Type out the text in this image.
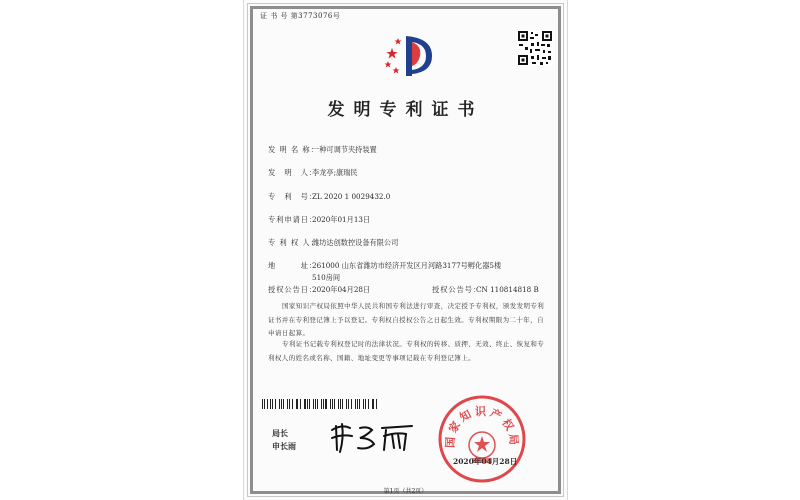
证 书 号 第3773076号
发明专利证书
发 明 名 称：一种可调节夹持装置
发　明　人：李龙亭;康瑞民
专　利　号：ZL 2020 1 0029432.0
专利申请日：2020年01月13日
专 利 权 人：潍坊达创数控设备有限公司
地　　　址：261000 山东省潍坊市经济开发区月河路3177号孵化器5楼
510房间
授权公告日：2020年04月28日	授权公告号：CN 110814818 B
国家知识产权局依照中华人民共和国专利法进行审查，决定授予专利权，颁发发明专利证书并在专利登记簿上予以登记。专利权自授权公告之日起生效。专利权期限为二十年，自申请日起算。
专利证书记载专利权登记时的法律状况。专利权的转移、质押、无效、终止、恢复和专利权人的姓名或名称、国籍、地址变更等事项记载在专利登记簿上。
局长
申长雨	国家知识产权局
2020年04月28日
第1页（共2页）
